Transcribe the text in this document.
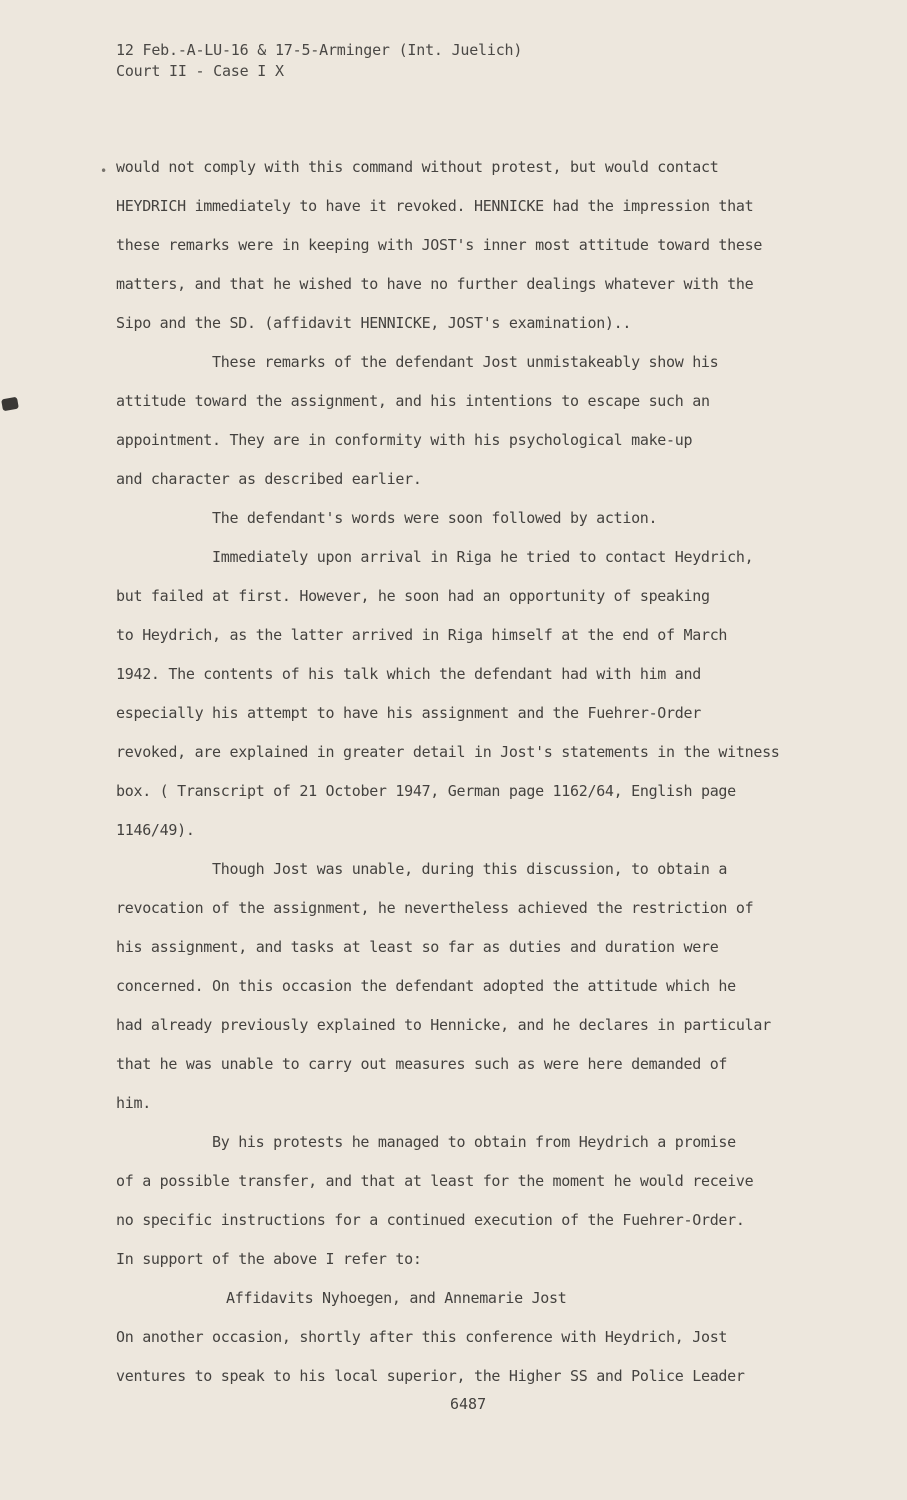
•
12 Feb.-A-LU-16 & 17-5-Arminger (Int. Juelich)
Court II - Case I X
would not comply with this command without protest, but would contact
HEYDRICH immediately to have it revoked. HENNICKE had the impression that
these remarks were in keeping with JOST's inner most attitude toward these
matters, and that he wished to have no further dealings whatever with the
Sipo and the SD. (affidavit HENNICKE, JOST's examination)..
These remarks of the defendant Jost unmistakeably show his
attitude toward the assignment, and his intentions to escape such an
appointment. They are in conformity with his psychological make-up
and character as described earlier.
The defendant's words were soon followed by action.
Immediately upon arrival in Riga he tried to contact Heydrich,
but failed at first. However, he soon had an opportunity of speaking
to Heydrich, as the latter arrived in Riga himself at the end of March
1942. The contents of his talk which the defendant had with him and
especially his attempt to have his assignment and the Fuehrer-Order
revoked, are explained in greater detail in Jost's statements in the witness
box. ( Transcript of 21 October 1947, German page 1162/64, English page
1146/49).
Though Jost was unable, during this discussion, to obtain a
revocation of the assignment, he nevertheless achieved the restriction of
his assignment, and tasks at least so far as duties and duration were
concerned. On this occasion the defendant adopted the attitude which he
had already previously explained to Hennicke, and he declares in particular
that he was unable to carry out measures such as were here demanded of
him.
By his protests he managed to obtain from Heydrich a promise
of a possible transfer, and that at least for the moment he would receive
no specific instructions for a continued execution of the Fuehrer-Order.
In support of the above I refer to:
Affidavits Nyhoegen, and Annemarie Jost
On another occasion, shortly after this conference with Heydrich, Jost
ventures to speak to his local superior, the Higher SS and Police Leader
6487
